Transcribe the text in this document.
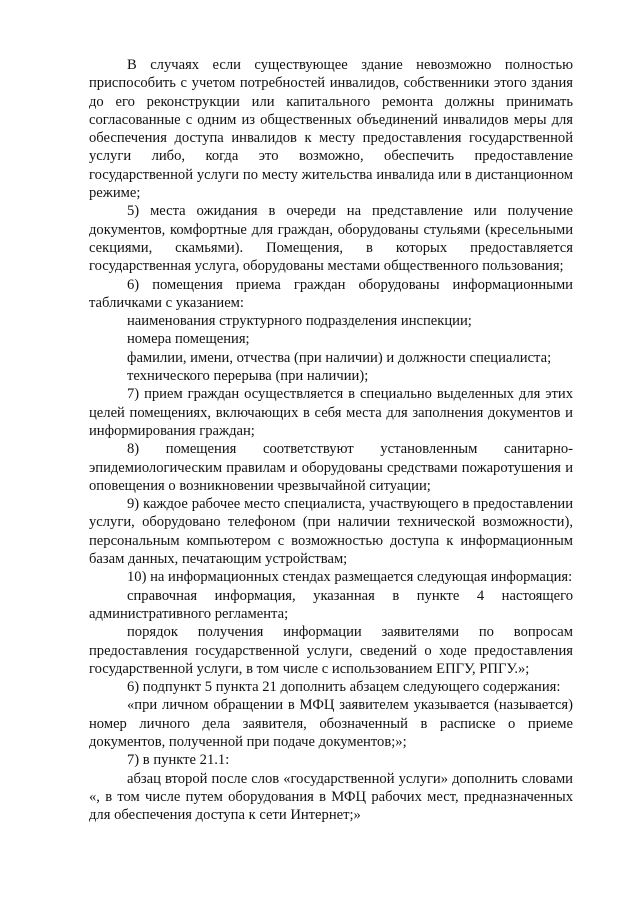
В случаях если существующее здание невозможно полностью приспособить с учетом потребностей инвалидов, собственники этого здания до его реконструкции или капитального ремонта должны принимать согласованные с одним из общественных объединений инвалидов меры для обеспечения доступа инвалидов к месту предоставления государственной услуги либо, когда это возможно, обеспечить предоставление государственной услуги по месту жительства инвалида или в дистанционном режиме;

5) места ожидания в очереди на представление или получение документов, комфортные для граждан, оборудованы стульями (кресельными секциями, скамьями). Помещения, в которых предоставляется государственная услуга, оборудованы местами общественного пользования;

6) помещения приема граждан оборудованы информационными табличками с указанием:

наименования структурного подразделения инспекции;

номера помещения;

фамилии, имени, отчества (при наличии) и должности специалиста;

технического перерыва (при наличии);

7) прием граждан осуществляется в специально выделенных для этих целей помещениях, включающих в себя места для заполнения документов и информирования граждан;

8) помещения соответствуют установленным санитарно-эпидемиологическим правилам и оборудованы средствами пожаротушения и оповещения о возникновении чрезвычайной ситуации;

9) каждое рабочее место специалиста, участвующего в предоставлении услуги, оборудовано телефоном (при наличии технической возможности), персональным компьютером с возможностью доступа к информационным базам данных, печатающим устройствам;

10) на информационных стендах размещается следующая информация:

справочная информация, указанная в пункте 4 настоящего административного регламента;

порядок получения информации заявителями по вопросам предоставления государственной услуги, сведений о ходе предоставления государственной услуги, в том числе с использованием ЕПГУ, РПГУ.»;

6) подпункт 5 пункта 21 дополнить абзацем следующего содержания:

«при личном обращении в МФЦ заявителем указывается (называется) номер личного дела заявителя, обозначенный в расписке о приеме документов, полученной при подаче документов;»;

7) в пункте 21.1:

абзац второй после слов «государственной услуги» дополнить словами «, в том числе путем оборудования в МФЦ рабочих мест, предназначенных для обеспечения доступа к сети Интернет;»
